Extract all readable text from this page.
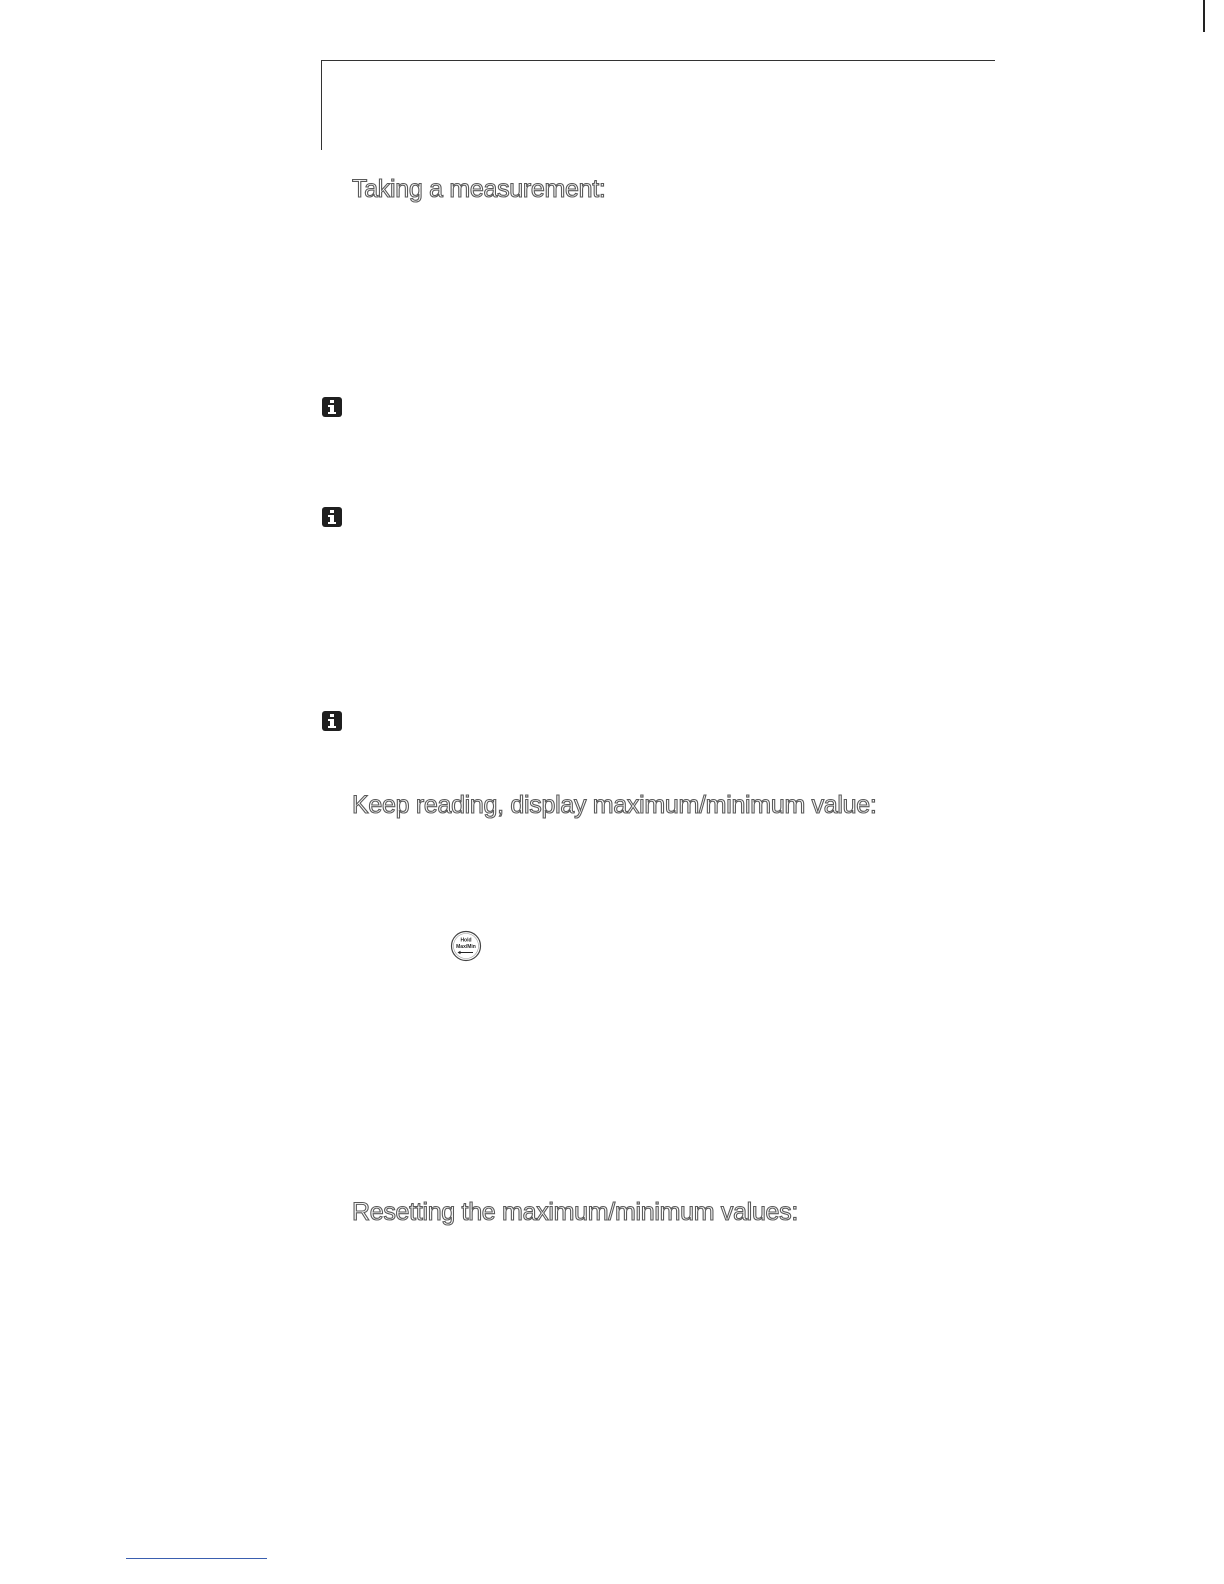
Taking a measurement:
Keep reading, display maximum/minimum value:
Hold
Max/Min
Resetting the maximum/minimum values:
